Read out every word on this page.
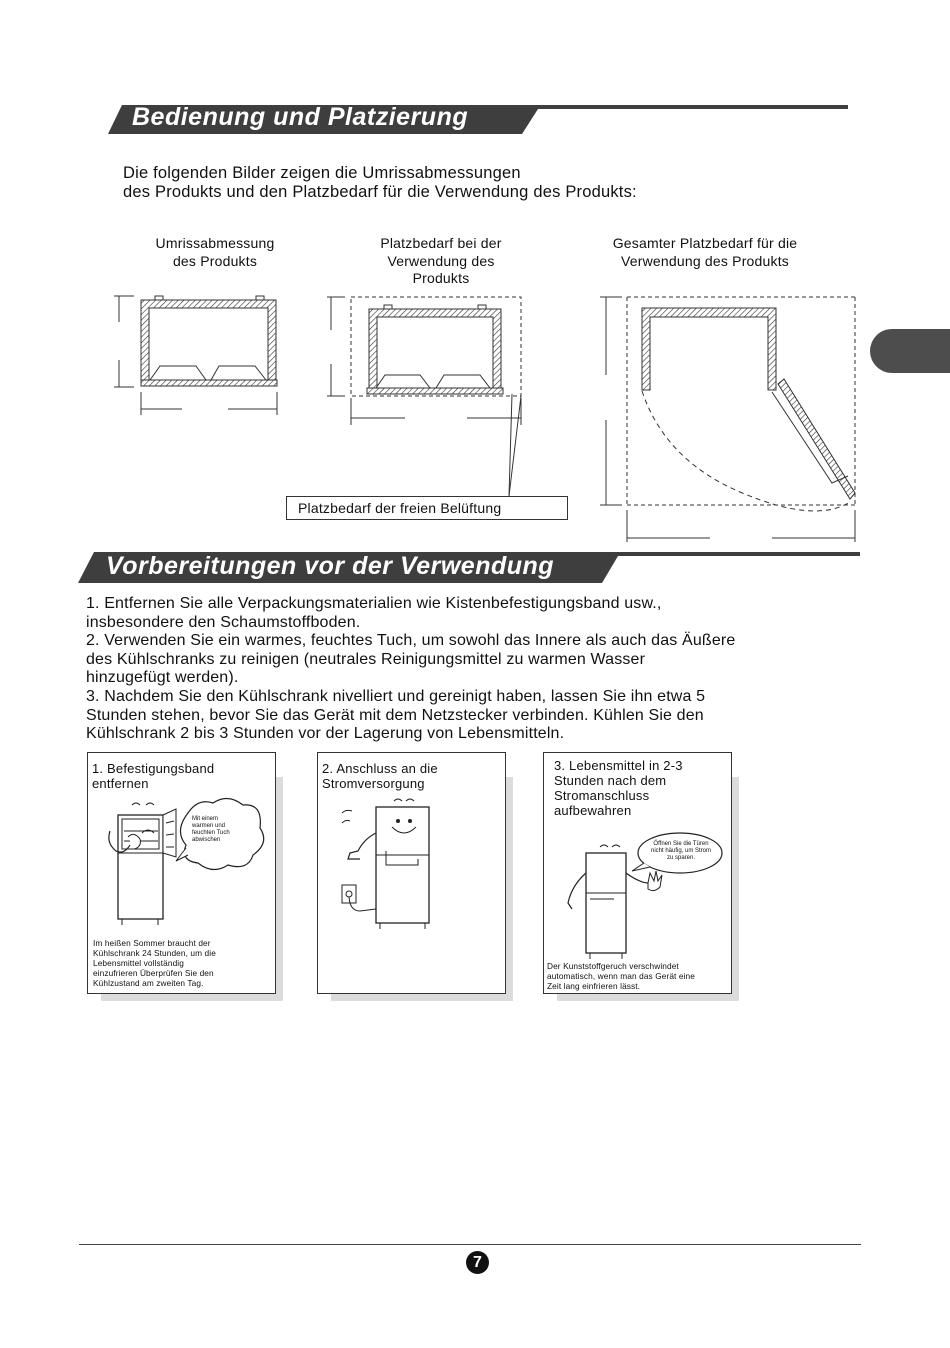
Bedienung und Platzierung
Die folgenden Bilder zeigen die Umrissabmessungen
des Produkts und den Platzbedarf für die Verwendung des Produkts:
Umrissabmessung
des Produkts
Platzbedarf bei der
Verwendung des
Produkts
Gesamter Platzbedarf für die
Verwendung des Produkts
Platzbedarf der freien Belüftung
Vorbereitungen vor der Verwendung
1. Entfernen Sie alle Verpackungsmaterialien wie Kistenbefestigungsband usw.,
insbesondere den Schaumstoffboden.
2. Verwenden Sie ein warmes, feuchtes Tuch, um sowohl das Innere als auch das Äußere
des Kühlschranks zu reinigen (neutrales Reinigungsmittel zu warmen Wasser
hinzugefügt werden).
3. Nachdem Sie den Kühlschrank nivelliert und gereinigt haben, lassen Sie ihn etwa 5
Stunden stehen, bevor Sie das Gerät mit dem Netzstecker verbinden. Kühlen Sie den
Kühlschrank 2 bis 3 Stunden vor der Lagerung von Lebensmitteln.
1. Befestigungsband
entfernen
Mit einem
warmen und
feuchten Tuch
abwischen
Im heißen Sommer braucht der
Kühlschrank 24 Stunden, um die
Lebensmittel vollständig
einzufrieren Überprüfen Sie den
Kühlzustand am zweiten Tag.
2. Anschluss an die
Stromversorgung
3. Lebensmittel in 2-3
Stunden nach dem
Stromanschluss
aufbewahren
Öffnen Sie die Türen
nicht häufig, um Strom
zu sparen.
Der Kunststoffgeruch verschwindet
automatisch, wenn man das Gerät eine
Zeit lang einfrieren lässt.
7
